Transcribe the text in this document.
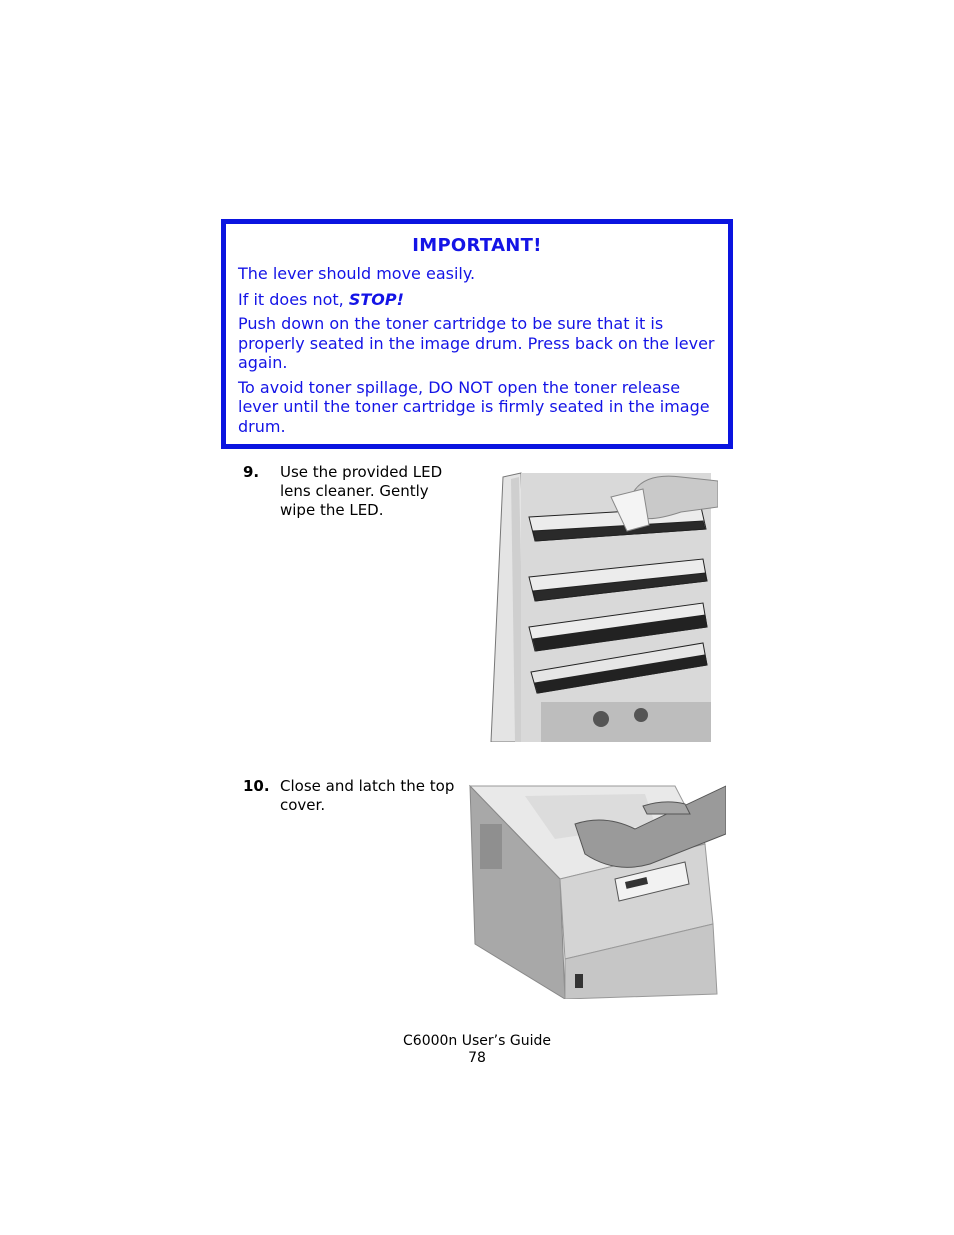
IMPORTANT!
The lever should move easily.
If it does not, STOP!
Push down on the toner cartridge to be sure that it is properly seated in the image drum. Press back on the lever again.
To avoid toner spillage, DO NOT open the toner release lever until the toner cartridge is firmly seated in the image drum.
9. Use the provided LED lens cleaner. Gently wipe the LED.
10. Close and latch the top cover.
C6000n User’s Guide
78
